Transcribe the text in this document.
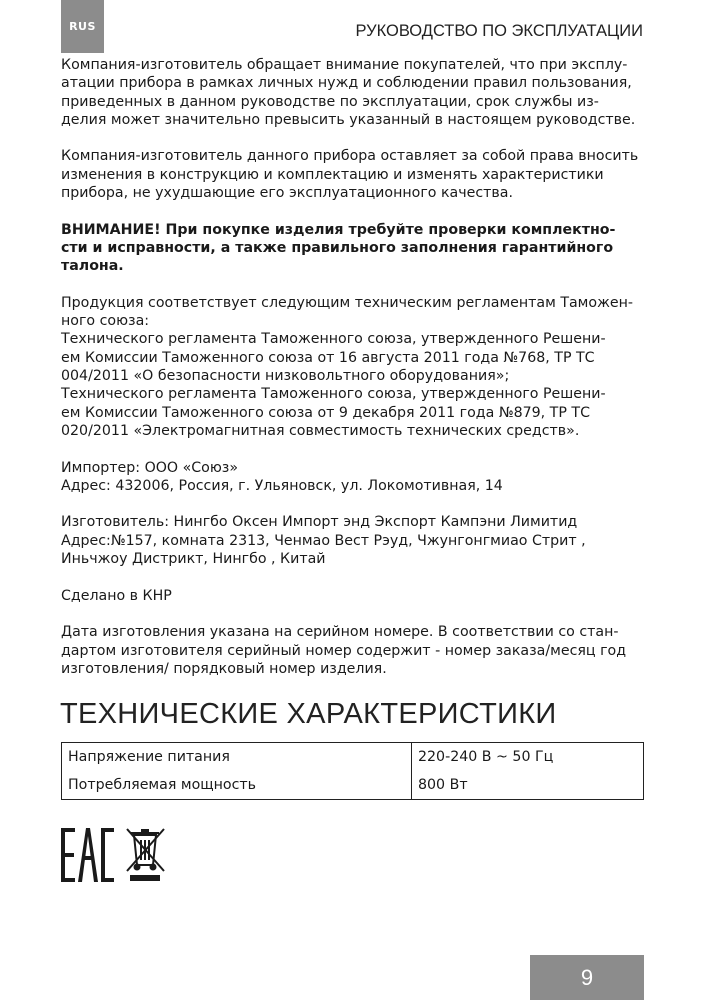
RUS	РУКОВОДСТВО ПО ЭКСПЛУАТАЦИИ

Компания-изготовитель обращает внимание покупателей, что при эксплу-
атации прибора в рамках личных нужд и соблюдении правил пользования,
приведенных в данном руководстве по эксплуатации, срок службы из-
делия может значительно превысить указанный в настоящем руководстве.

Компания-изготовитель данного прибора оставляет за собой права вносить
изменения в конструкцию и комплектацию и изменять характеристики
прибора, не ухудшающие его эксплуатационного качества.

ВНИМАНИЕ! При покупке изделия требуйте проверки комплектно-
сти и исправности, а также правильного заполнения гарантийного
талона.

Продукция соответствует следующим техническим регламентам Таможен-
ного союза:
Технического регламента Таможенного союза, утвержденного Решени-
ем Комиссии Таможенного союза от 16 августа 2011 года №768, ТР ТС
004/2011 «О безопасности низковольтного оборудования»;
Технического регламента Таможенного союза, утвержденного Решени-
ем Комиссии Таможенного союза от 9 декабря 2011 года №879, ТР ТС
020/2011 «Электромагнитная совместимость технических средств».

Импортер: ООО «Союз»
Адрес: 432006, Россия, г. Ульяновск, ул. Локомотивная, 14

Изготовитель: Нингбо Оксен Импорт энд Экспорт Кампэни Лимитид
Адрес:№157, комната 2313, Ченмао Вест Рэуд, Чжунгонгмиао Стрит ,
Иньчжоу Дистрикт, Нингбо , Китай

Сделано в КНР

Дата изготовления указана на серийном номере. В соответствии со стан-
дартом изготовителя серийный номер содержит - номер заказа/месяц год
изготовления/ порядковый номер изделия.

ТЕХНИЧЕСКИЕ ХАРАКТЕРИСТИКИ
Напряжение питания	220-240 В ~ 50 Гц
Потребляемая мощность	800 Вт
9
